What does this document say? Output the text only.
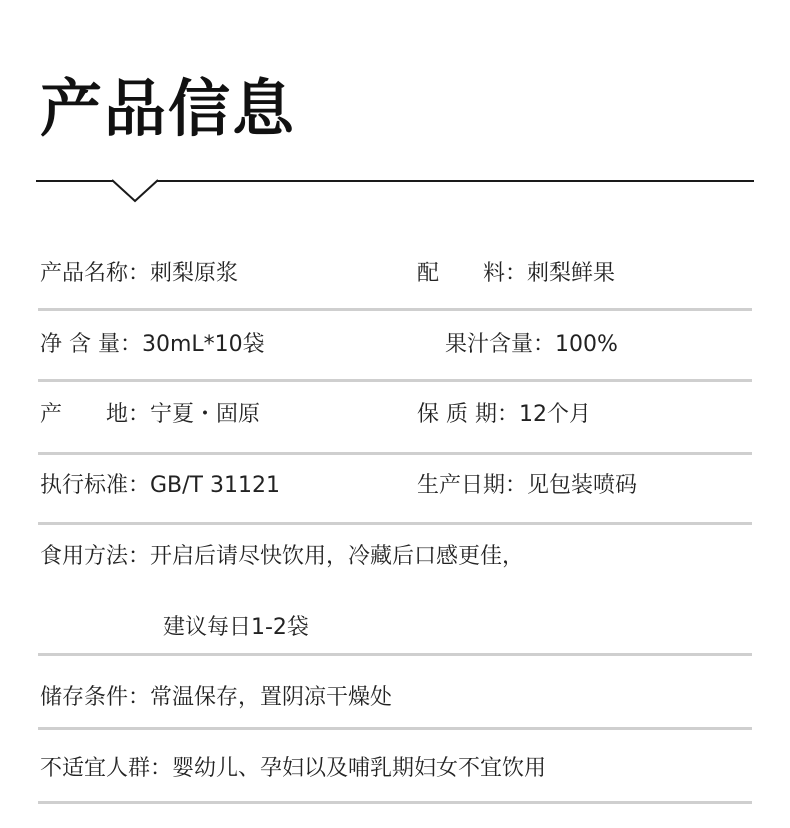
产品信息
产品名称：刺梨原浆	配　　料：刺梨鲜果
净 含 量：30mL*10袋	果汁含量：100%
产　　地：宁夏・固原	保 质 期：12个月
执行标准：GB/T 31121	生产日期：见包装喷码
食用方法：开启后请尽快饮用，冷藏后口感更佳，
建议每日1-2袋
储存条件：常温保存，置阴凉干燥处
不适宜人群：婴幼儿、孕妇以及哺乳期妇女不宜饮用
